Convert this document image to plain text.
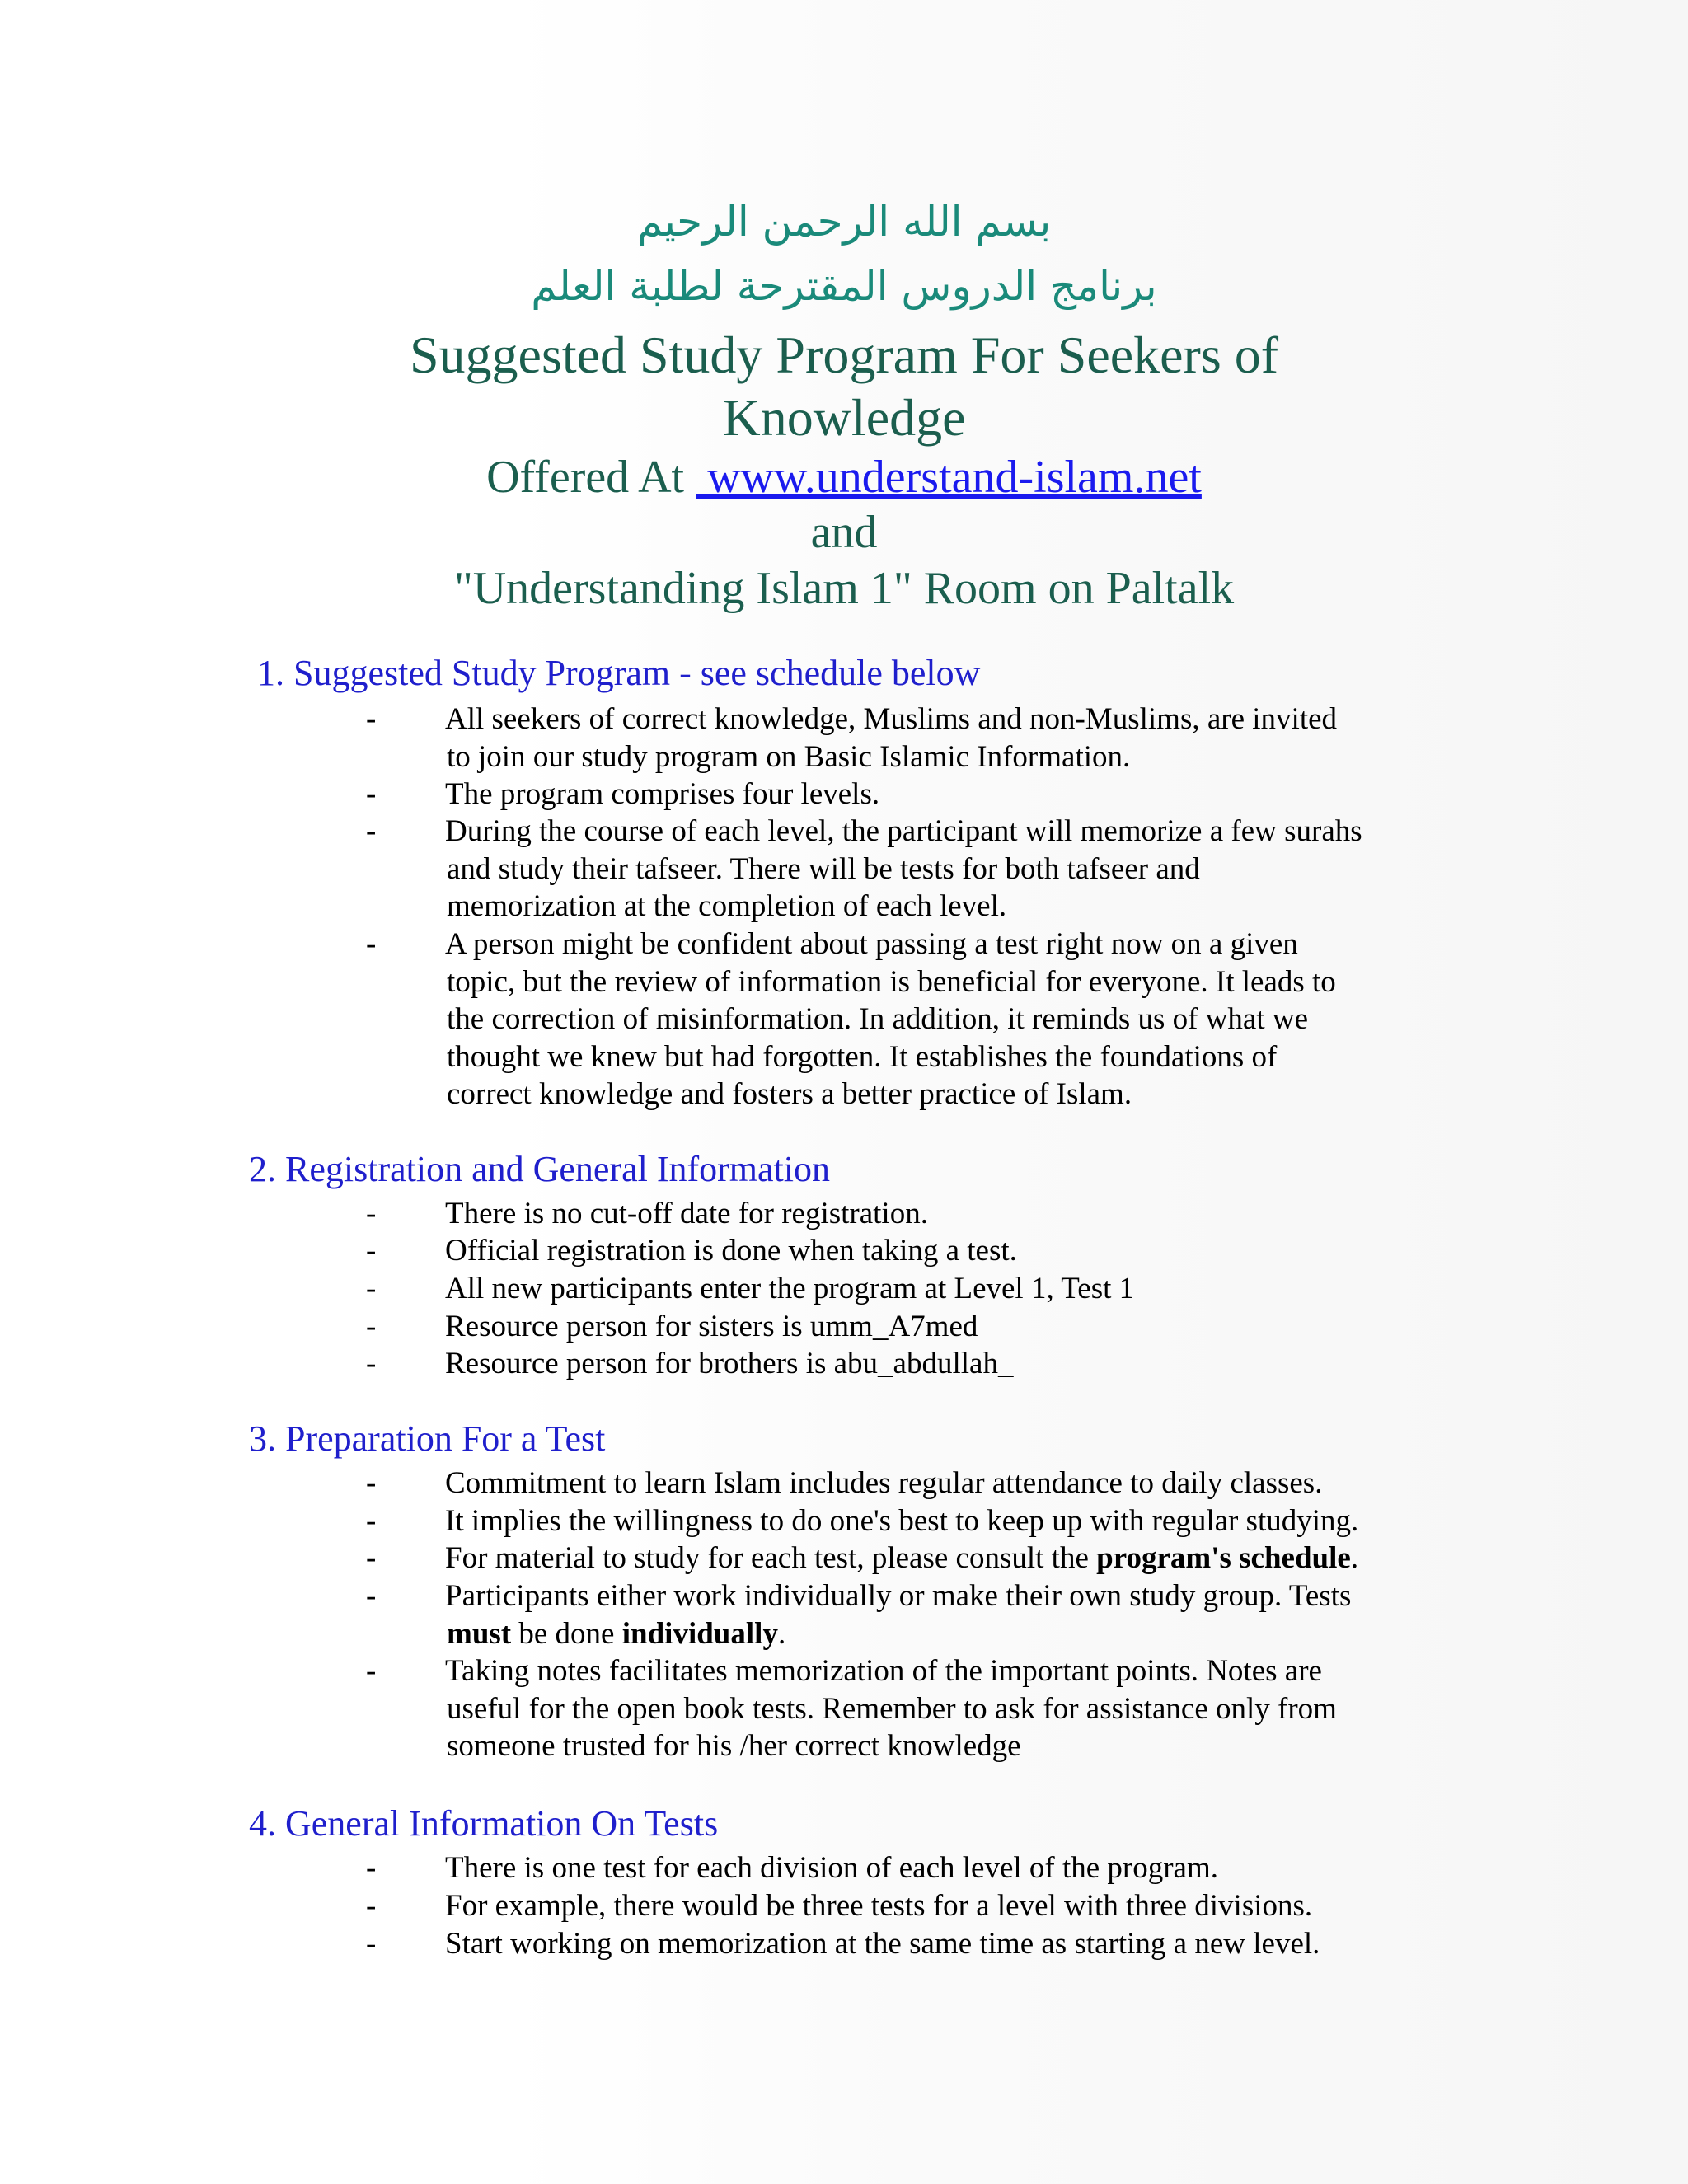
بسم الله الرحمن الرحيم
برنامج الدروس المقترحة لطلبة العلم
Suggested Study Program For Seekers of
Knowledge
Offered At  www.understand-islam.net
and
"Understanding Islam 1" Room on Paltalk
1. Suggested Study Program - see schedule below
- All seekers of correct knowledge, Muslims and non-Muslims, are invited
to join our study program on Basic Islamic Information.
- The program comprises four levels.
- During the course of each level, the participant will memorize a few surahs
and study their tafseer. There will be tests for both tafseer and
memorization at the completion of each level.
- A person might be confident about passing a test right now on a given
topic, but the review of information is beneficial for everyone. It leads to
the correction of misinformation. In addition, it reminds us of what we
thought we knew but had forgotten. It establishes the foundations of
correct knowledge and fosters a better practice of Islam.
2. Registration and General Information
- There is no cut-off date for registration.
- Official registration is done when taking a test.
- All new participants enter the program at Level 1, Test 1
- Resource person for sisters is umm_A7med
- Resource person for brothers is abu_abdullah_
3. Preparation For a Test
- Commitment to learn Islam includes regular attendance to daily classes.
- It implies the willingness to do one's best to keep up with regular studying.
- For material to study for each test, please consult the program's schedule.
- Participants either work individually or make their own study group. Tests
must be done individually.
- Taking notes facilitates memorization of the important points. Notes are
useful for the open book tests. Remember to ask for assistance only from
someone trusted for his /her correct knowledge
4. General Information On Tests
- There is one test for each division of each level of the program.
- For example, there would be three tests for a level with three divisions.
- Start working on memorization at the same time as starting a new level.
